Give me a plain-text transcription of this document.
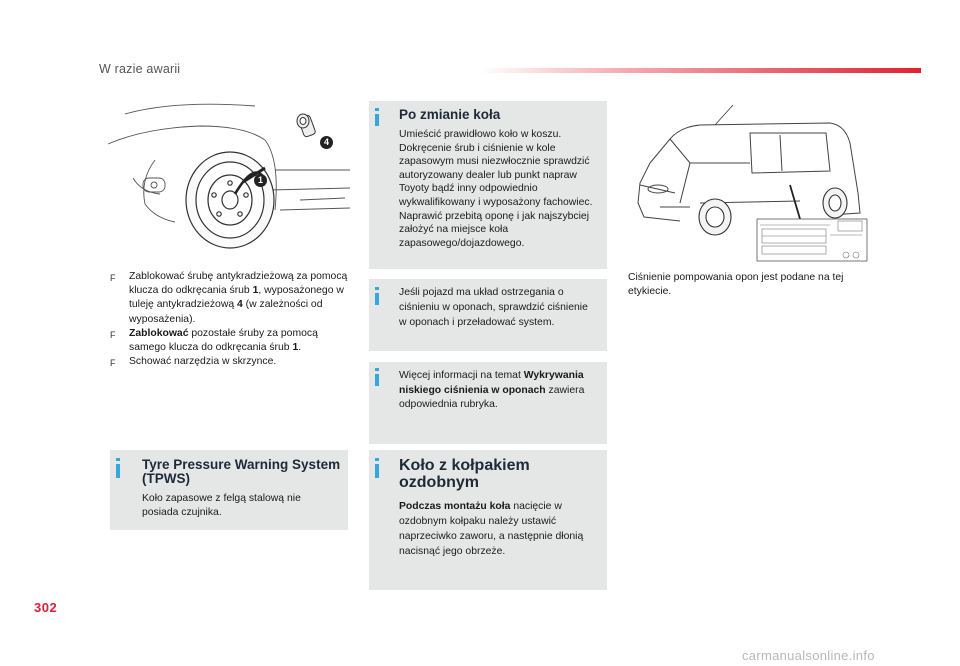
W razie awarii
4
1
F	Zablokować śrubę antykradzieżową za pomocą klucza do odkręcania śrub 1, wyposażonego w tuleję antykradzieżową 4 (w zależności od wyposażenia).
F	Zablokować pozostałe śruby za pomocą samego klucza do odkręcania śrub 1.
F	Schować narzędzia w skrzynce.
Tyre Pressure Warning System (TPWS)
Koło zapasowe z felgą stalową nie posiada czujnika.
Po zmianie koła
Umieścić prawidłowo koło w koszu. Dokręcenie śrub i ciśnienie w kole zapasowym musi niezwłocznie sprawdzić autoryzowany dealer lub punkt napraw Toyoty bądź inny odpowiednio wykwalifikowany i wyposażony fachowiec. Naprawić przebitą oponę i jak najszybciej założyć na miejsce koła zapasowego/dojazdowego.
Jeśli pojazd ma układ ostrzegania o ciśnieniu w oponach, sprawdzić ciśnienie w oponach i przeładować system.
Więcej informacji na temat Wykrywania niskiego ciśnienia w oponach zawiera odpowiednia rubryka.
Koło z kołpakiem ozdobnym
Podczas montażu koła nacięcie w ozdobnym kołpaku należy ustawić naprzeciwko zaworu, a następnie dłonią nacisnąć jego obrzeże.
Ciśnienie pompowania opon jest podane na tej etykiecie.
302
carmanualsonline.info
